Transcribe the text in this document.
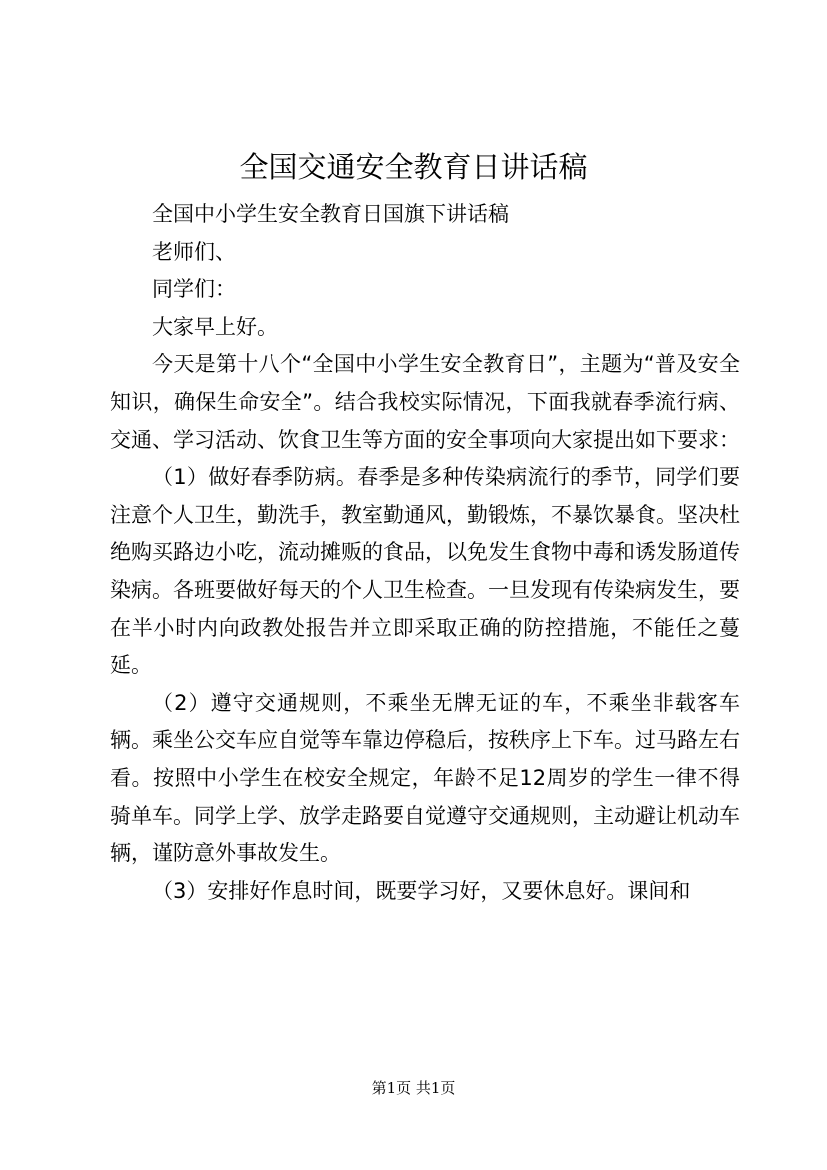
全国交通安全教育日讲话稿

全国中小学生安全教育日国旗下讲话稿

老师们、

同学们：

大家早上好。

今天是第十八个“全国中小学生安全教育日”，主题为“普及安全知识，确保生命安全”。结合我校实际情况，下面我就春季流行病、交通、学习活动、饮食卫生等方面的安全事项向大家提出如下要求：

（1）做好春季防病。春季是多种传染病流行的季节，同学们要注意个人卫生，勤洗手，教室勤通风，勤锻炼，不暴饮暴食。坚决杜绝购买路边小吃，流动摊贩的食品，以免发生食物中毒和诱发肠道传染病。各班要做好每天的个人卫生检查。一旦发现有传染病发生，要在半小时内向政教处报告并立即采取正确的防控措施，不能任之蔓延。

（2）遵守交通规则，不乘坐无牌无证的车，不乘坐非载客车辆。乘坐公交车应自觉等车靠边停稳后，按秩序上下车。过马路左右看。按照中小学生在校安全规定，年龄不足12周岁的学生一律不得骑单车。同学上学、放学走路要自觉遵守交通规则，主动避让机动车辆，谨防意外事故发生。

（3）安排好作息时间，既要学习好，又要休息好。课间和

第1页 共1页
